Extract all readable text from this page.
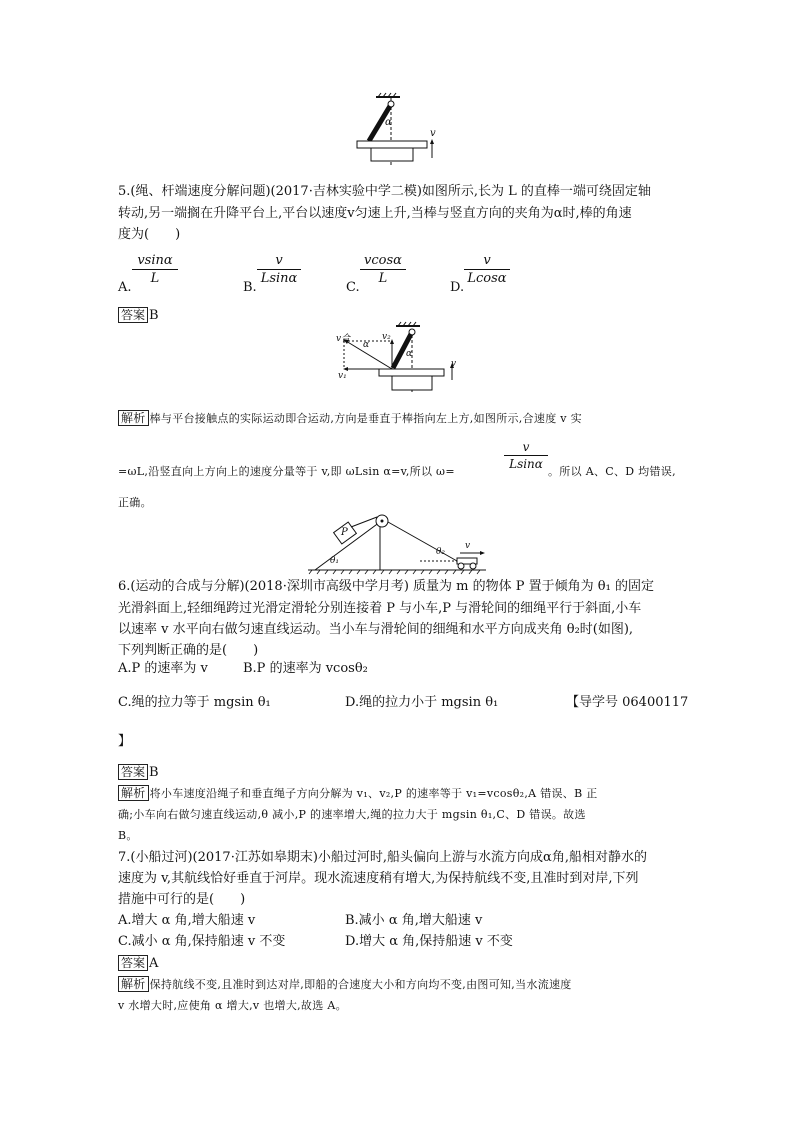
α
v
5.(绳、杆端速度分解问题)(2017·吉林实验中学二模)如图所示,长为 L 的直棒一端可绕固定轴
转动,另一端搁在升降平台上,平台以速度v匀速上升,当棒与竖直方向的夹角为α时,棒的角速
度为(　　)
A.
$\frac{vsin\alpha}{L}$
B.
$\frac{v}{Lsin\alpha}$
C.
$\frac{vcos\alpha}{L}$
D.
$\frac{v}{Lcos\alpha}$
答案 B
v合	v₂
α
α
v₁
v
解析 棒与平台接触点的实际运动即合运动,方向是垂直于棒指向左上方,如图所示,合速度 v 实
=ωL,沿竖直向上方向上的速度分量等于 v,即 ωLsin α=v,所以 ω=
$\frac{v}{Lsin\alpha}$
。所以 A、C、D 均错误,
正确。
P
θ₁
θ₂
v
6.(运动的合成与分解)(2018·深圳市高级中学月考) 质量为 m 的物体 P 置于倾角为 θ₁ 的固定
光滑斜面上,轻细绳跨过光滑定滑轮分别连接着 P 与小车,P 与滑轮间的细绳平行于斜面,小车
以速率 v 水平向右做匀速直线运动。当小车与滑轮间的细绳和水平方向成夹角 θ₂时(如图),
下列判断正确的是(　　)
A.P 的速率为 v	B.P 的速率为 vcosθ₂
C.绳的拉力等于 mgsin θ₁	D.绳的拉力小于 mgsin θ₁	【导学号 06400117
】
答案 B
解析 将小车速度沿绳子和垂直绳子方向分解为 v₁、v₂,P 的速率等于 v₁=vcosθ₂,A 错误、B 正
确;小车向右做匀速直线运动,θ 减小,P 的速率增大,绳的拉力大于 mgsin θ₁,C、D 错误。故选
B。
7.(小船过河)(2017·江苏如皋期末)小船过河时,船头偏向上游与水流方向成α角,船相对静水的
速度为 v,其航线恰好垂直于河岸。现水流速度稍有增大,为保持航线不变,且准时到对岸,下列
措施中可行的是(　　)
A.增大 α 角,增大船速 v	B.减小 α 角,增大船速 v
C.减小 α 角,保持船速 v 不变	D.增大 α 角,保持船速 v 不变
答案 A
解析 保持航线不变,且准时到达对岸,即船的合速度大小和方向均不变,由图可知,当水流速度
v 水增大时,应使角 α 增大,v 也增大,故选 A。
